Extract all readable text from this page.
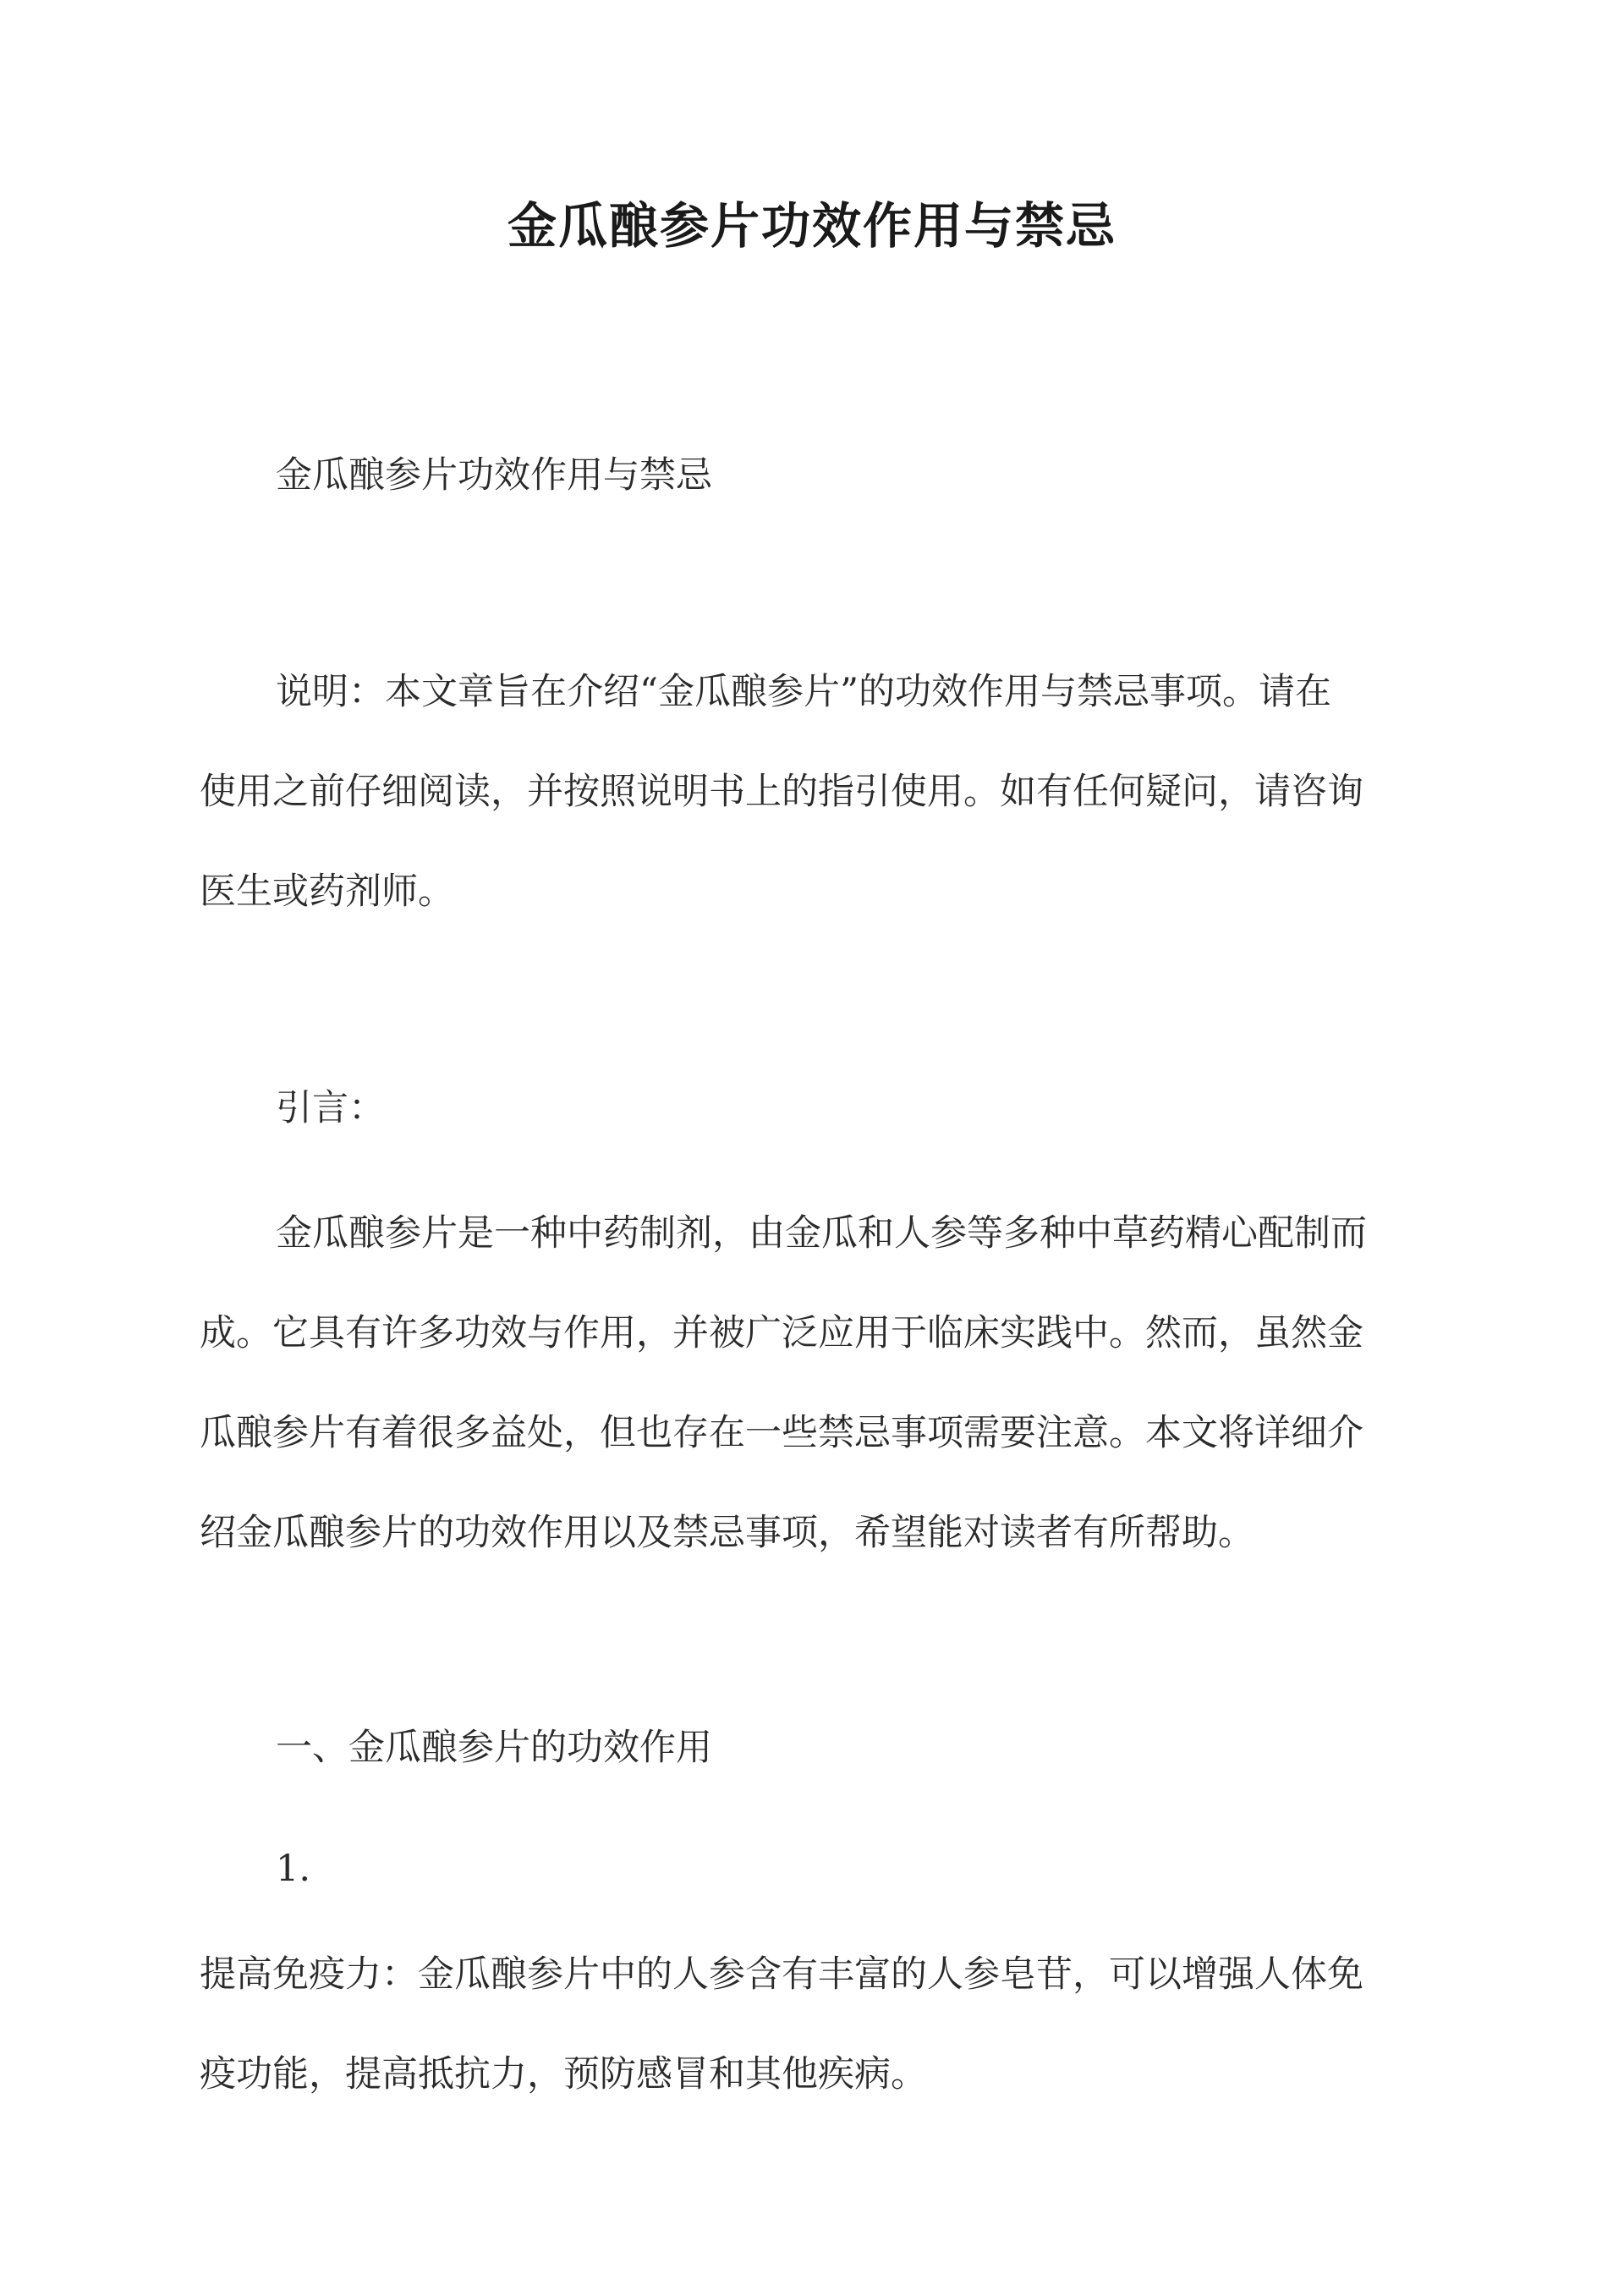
金瓜酿参片功效作用与禁忌
金瓜酿参片功效作用与禁忌
说明：本文章旨在介绍“金瓜酿参片”的功效作用与禁忌事项。请在
使用之前仔细阅读，并按照说明书上的指引使用。如有任何疑问，请咨询
医生或药剂师。
引言：
金瓜酿参片是一种中药制剂，由金瓜和人参等多种中草药精心配制而
成。它具有许多功效与作用，并被广泛应用于临床实践中。然而，虽然金
瓜酿参片有着很多益处，但也存在一些禁忌事项需要注意。本文将详细介
绍金瓜酿参片的功效作用以及禁忌事项，希望能对读者有所帮助。
一、金瓜酿参片的功效作用
1.
提高免疫力：金瓜酿参片中的人参含有丰富的人参皂苷，可以增强人体免
疫功能，提高抵抗力，预防感冒和其他疾病。
